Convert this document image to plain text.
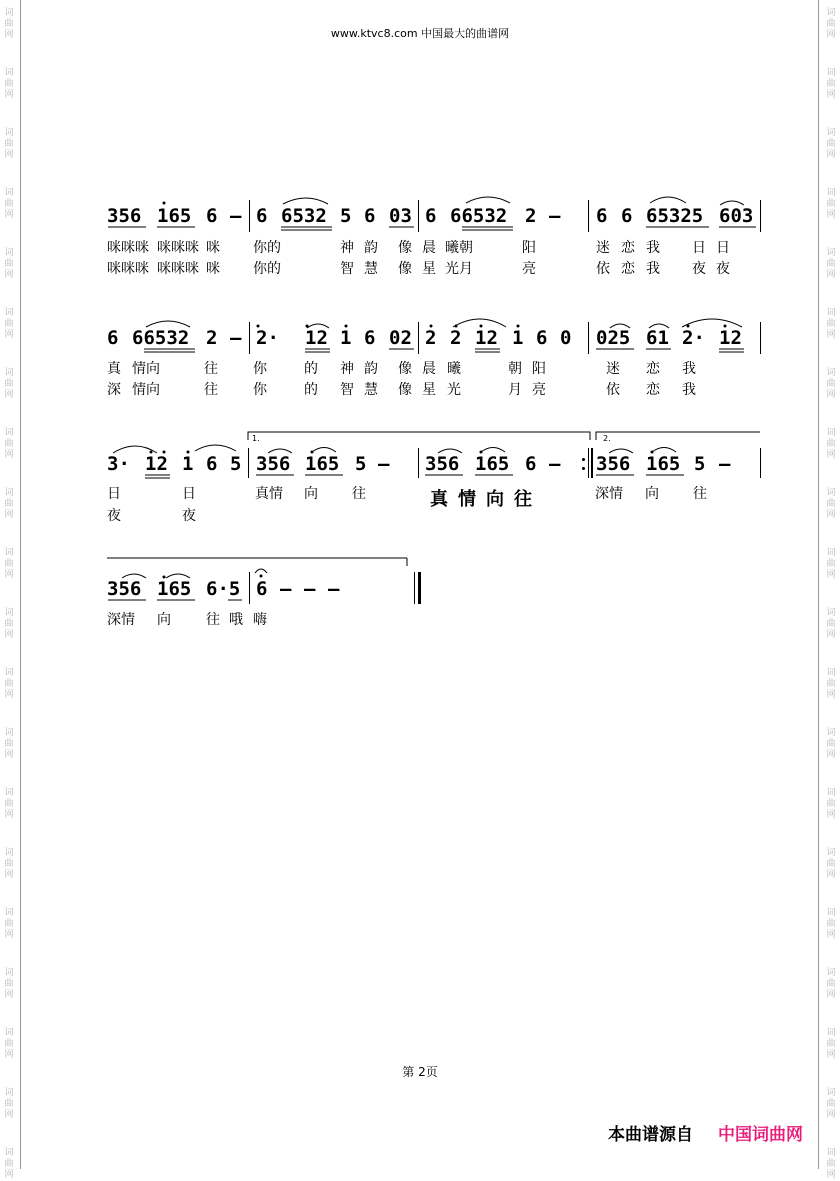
词
曲
网
词
曲
网
词
曲
网
词
曲
网
词
曲
网
词
曲
网
词
曲
网
词
曲
网
词
曲
网
词
曲
网
词
曲
网
词
曲
网
词
曲
网
词
曲
网
词
曲
网
词
曲
网
词
曲
网
词
曲
网
词
曲
网
词
曲
网
词
曲
网
词
曲
网
词
曲
网
词
曲
网
词
曲
网
词
曲
网
词
曲
网
词
曲
网
词
曲
网
词
曲
网
词
曲
网
词
曲
网
词
曲
网
词
曲
网
词
曲
网
词
曲
网
词
曲
网
词
曲
网
词
曲
网
词
曲
网
www.ktvc8.com 中国最大的曲谱网
356 165 6 – 6 6532 5 6 03 6 66532 2 – 6 6 65325 603
咪咪咪 咪咪咪 咪 你的	神 韵 像 晨 曦朝	阳	迷 恋 我 日 日
咪咪咪 咪咪咪 咪 你的	智 慧 像 星 光月	亮	依 恋 我 夜 夜
6 66532 2 – 2· 12 1 6 02 2 2 12 1 6 0 025 61 2· 12
真 情向	往	你	的 神 韵 像 晨 曦	朝 阳	迷 恋 我
深 情向	往	你	的 智 慧 像 星 光	月 亮	依 恋 我
1.	2.
3· 12 1 6 5 356 165 5 – 356 165 6 – 356 165 5 –
日	日	真情 向 往	深情 向 往
真情向往
夜	夜
356 165 6·5 6 – – –
深情 向	往 哦 嗨
第 2页
本曲谱源自 中国词曲网
